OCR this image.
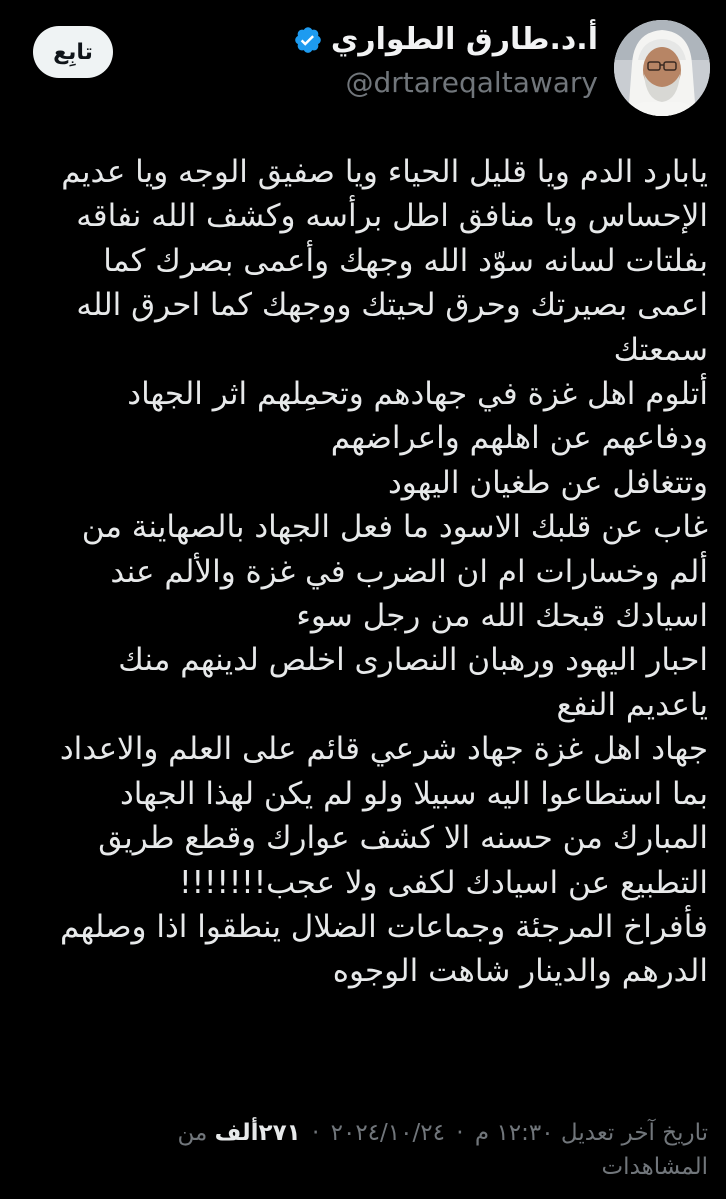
أ.د.طارق الطواري
@drtareqaltawary
تابِع
يابارد الدم ويا قليل الحياء ويا صفيق الوجه ويا عديم
الإحساس ويا منافق اطل برأسه وكشف الله نفاقه
بفلتات لسانه سوّد الله وجهك وأعمى بصرك كما
اعمى بصيرتك وحرق لحيتك ووجهك كما احرق الله
سمعتك
أتلوم اهل غزة في جهادهم وتحمِلهم اثر الجهاد
ودفاعهم عن اهلهم واعراضهم
وتتغافل عن طغيان اليهود
غاب عن قلبك الاسود ما فعل الجهاد بالصهاينة من
ألم وخسارات ام ان الضرب في غزة والألم عند
اسيادك قبحك الله من رجل سوء
احبار اليهود ورهبان النصارى اخلص لدينهم منك
ياعديم النفع
جهاد اهل غزة جهاد شرعي قائم على العلم والاعداد
بما استطاعوا اليه سبيلا ولو لم يكن لهذا الجهاد
المبارك من حسنه الا كشف عوارك وقطع طريق
التطبيع عن اسيادك لكفى ولا عجب!!!!!!!
فأفراخ المرجئة وجماعات الضلال ينطقوا اذا وصلهم
الدرهم والدينار شاهت الوجوه
تاريخ آخر تعديل ١٢:٣٠ م · ٢٠٢٤/١٠/٢٤ · ٢٧١ألف من
المشاهدات
